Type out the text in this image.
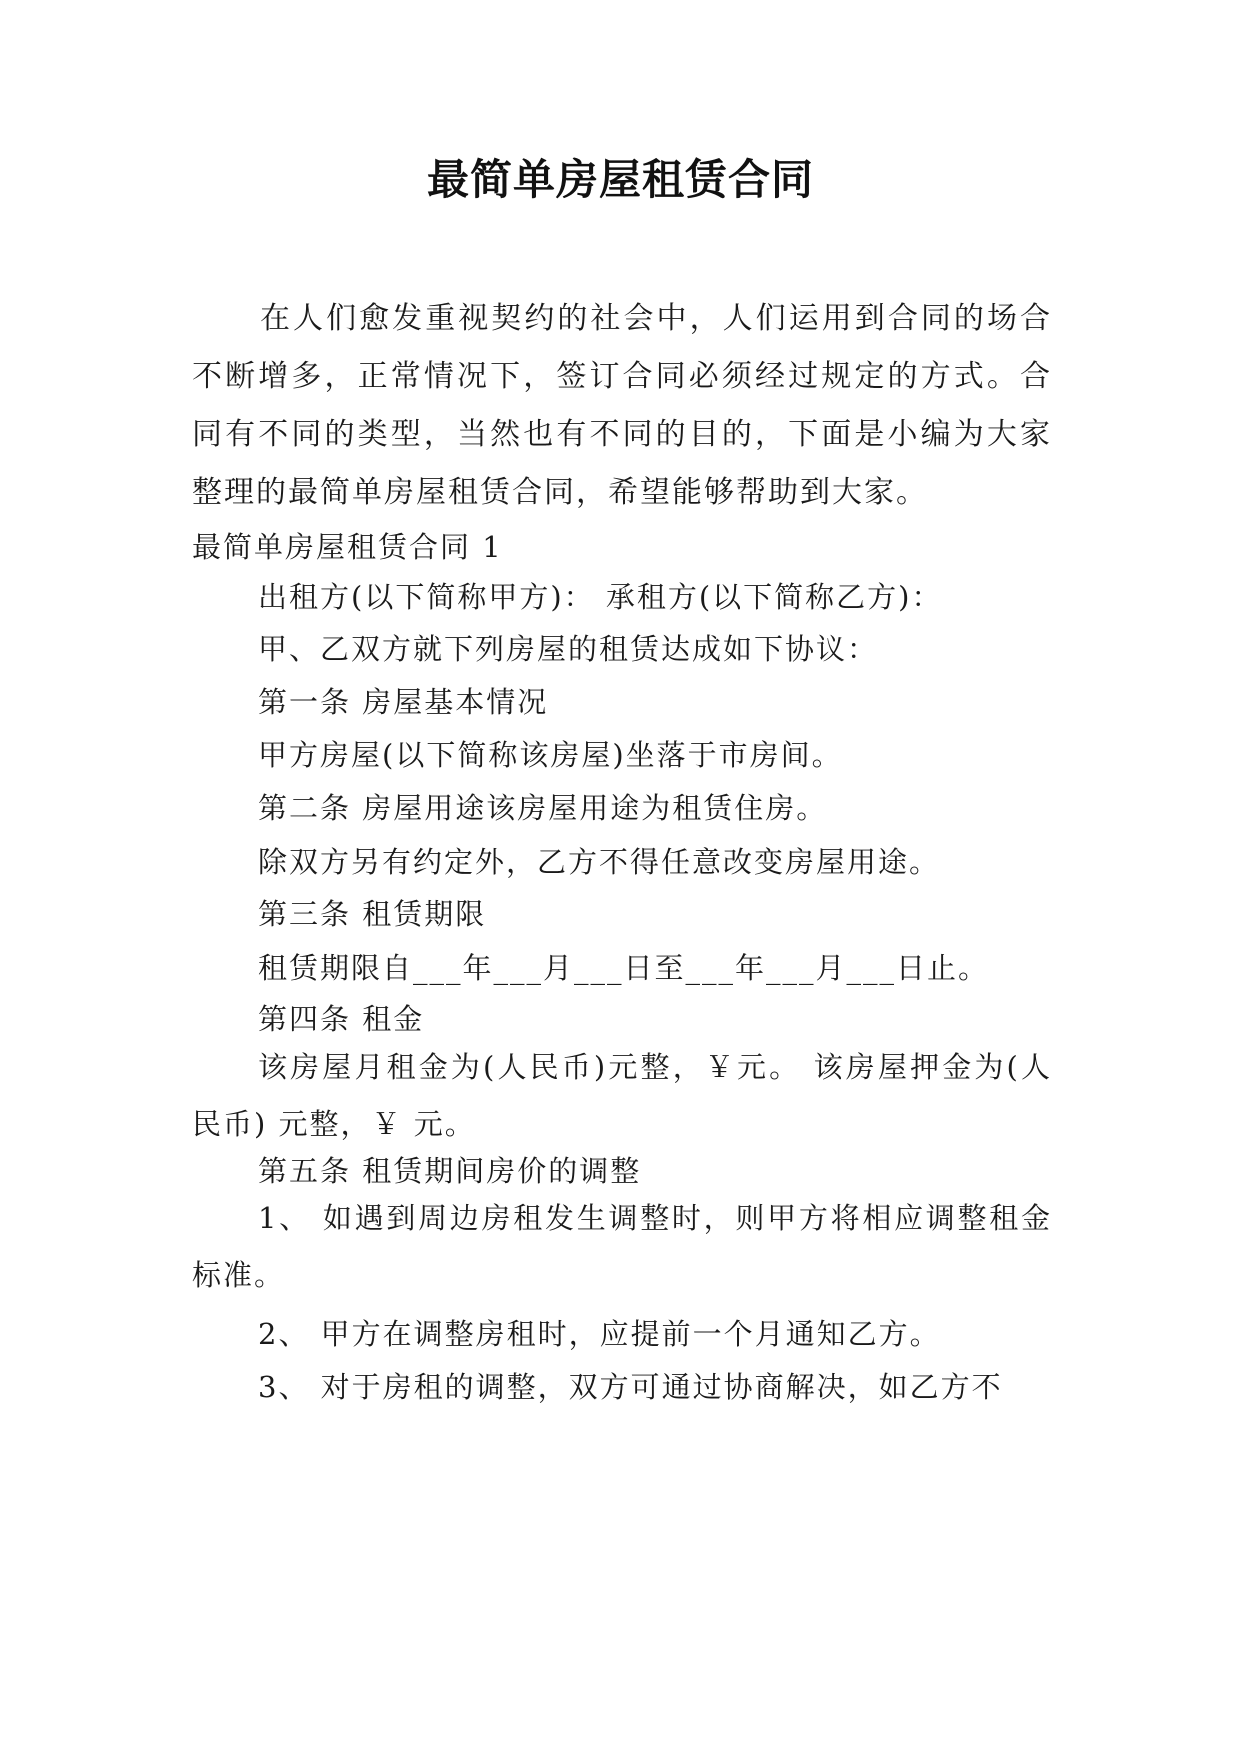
最简单房屋租赁合同
在人们愈发重视契约的社会中，人们运用到合同的场合不断增多，正常情况下，签订合同必须经过规定的方式。合同有不同的类型，当然也有不同的目的，下面是小编为大家整理的最简单房屋租赁合同，希望能够帮助到大家。
最简单房屋租赁合同 1
出租方(以下简称甲方)： 承租方(以下简称乙方)：
甲、乙双方就下列房屋的租赁达成如下协议：
第一条 房屋基本情况
甲方房屋(以下简称该房屋)坐落于市房间。
第二条 房屋用途该房屋用途为租赁住房。
除双方另有约定外，乙方不得任意改变房屋用途。
第三条 租赁期限
租赁期限自___年___月___日至___年___月___日止。
第四条 租金
该房屋月租金为(人民币)元整，￥元。 该房屋押金为(人民币) 元整，￥ 元。
第五条 租赁期间房价的调整
1、 如遇到周边房租发生调整时，则甲方将相应调整租金标准。
2、 甲方在调整房租时，应提前一个月通知乙方。
3、 对于房租的调整，双方可通过协商解决，如乙方不
